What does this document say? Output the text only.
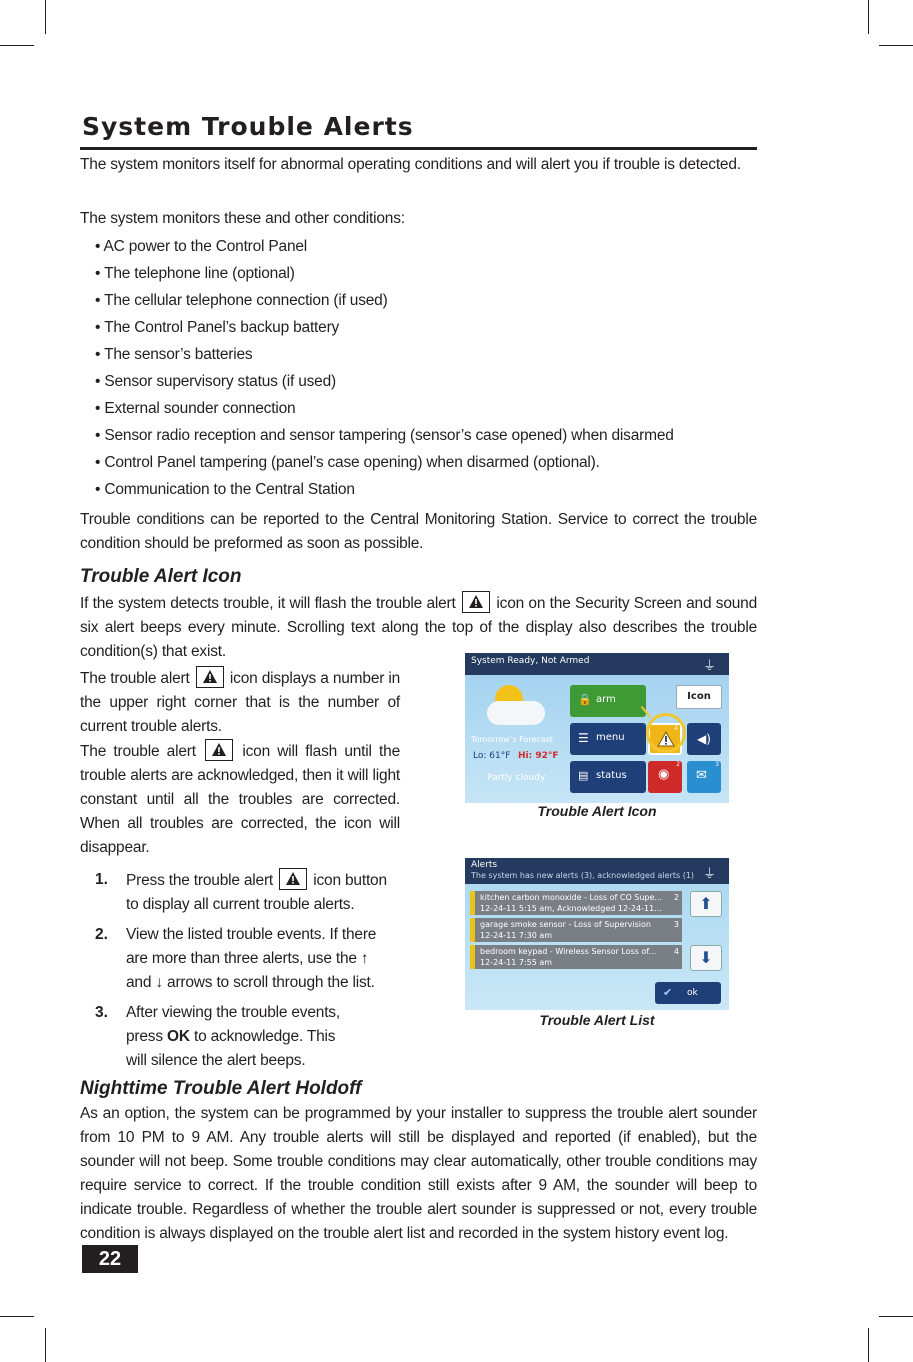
System Trouble Alerts

The system monitors itself for abnormal operating conditions and will alert you if trouble is detected.

The system monitors these and other conditions:

• AC power to the Control Panel
• The telephone line (optional)
• The cellular telephone connection (if used)
• The Control Panel’s backup battery
• The sensor’s batteries
• Sensor supervisory status (if used)
• External sounder connection
• Sensor radio reception and sensor tampering (sensor’s case opened) when disarmed
• Control Panel tampering (panel’s case opening) when disarmed (optional).
• Communication to the Central Station

Trouble conditions can be reported to the Central Monitoring Station. Service to correct the trouble condition should be preformed as soon as possible.

Trouble Alert Icon

If the system detects trouble, it will flash the trouble alert	icon on the Security Screen and sound six alert beeps every minute. Scrolling text along the top of the display also describes the trouble condition(s) that exist.

The trouble alert	icon displays a number in the upper right corner that is the number of current trouble alerts.

The trouble alert	icon will flash until the trouble alerts are acknowledged, then it will light constant until all the troubles are corrected. When all troubles are corrected, the icon will disappear.

1.	Press the trouble alert	icon button to display all current trouble alerts.
2.	View the listed trouble events. If there are more than three alerts, use the ↑ and ↓ arrows to scroll through the list.
3.	After viewing the trouble events, press OK to acknowledge. This will silence the alert beeps.
System Ready, Not Armed	⏚
Tomorrow’s Forecast
Lo: 61°F Hi: 92°F
Partly cloudy
🔒 arm
☰ menu
▤ status
4
Icon
◀)
◉
2
✉
3

Trouble Alert Icon

Alerts
The system has new alerts (3), acknowledged alerts (1) ⏚
kitchen carbon monoxide - Loss of CO Supe...
12-24-11 5:15 am, Acknowledged 12-24-11...
2
garage smoke sensor - Loss of Supervision
12-24-11 7:30 am
3
bedroom keypad - Wireless Sensor Loss of...
12-24-11 7:55 am
4
⬆
⬇
✔ ok

Trouble Alert List

Nighttime Trouble Alert Holdoff

As an option, the system can be programmed by your installer to suppress the trouble alert sounder from 10 PM to 9 AM. Any trouble alerts will still be displayed and reported (if enabled), but the sounder will not beep. Some trouble conditions may clear automatically, other trouble conditions may require service to correct. If the trouble condition still exists after 9 AM, the sounder will beep to indicate trouble. Regardless of whether the trouble alert sounder is suppressed or not, every trouble condition is always displayed on the trouble alert list and recorded in the system history event log.

22
